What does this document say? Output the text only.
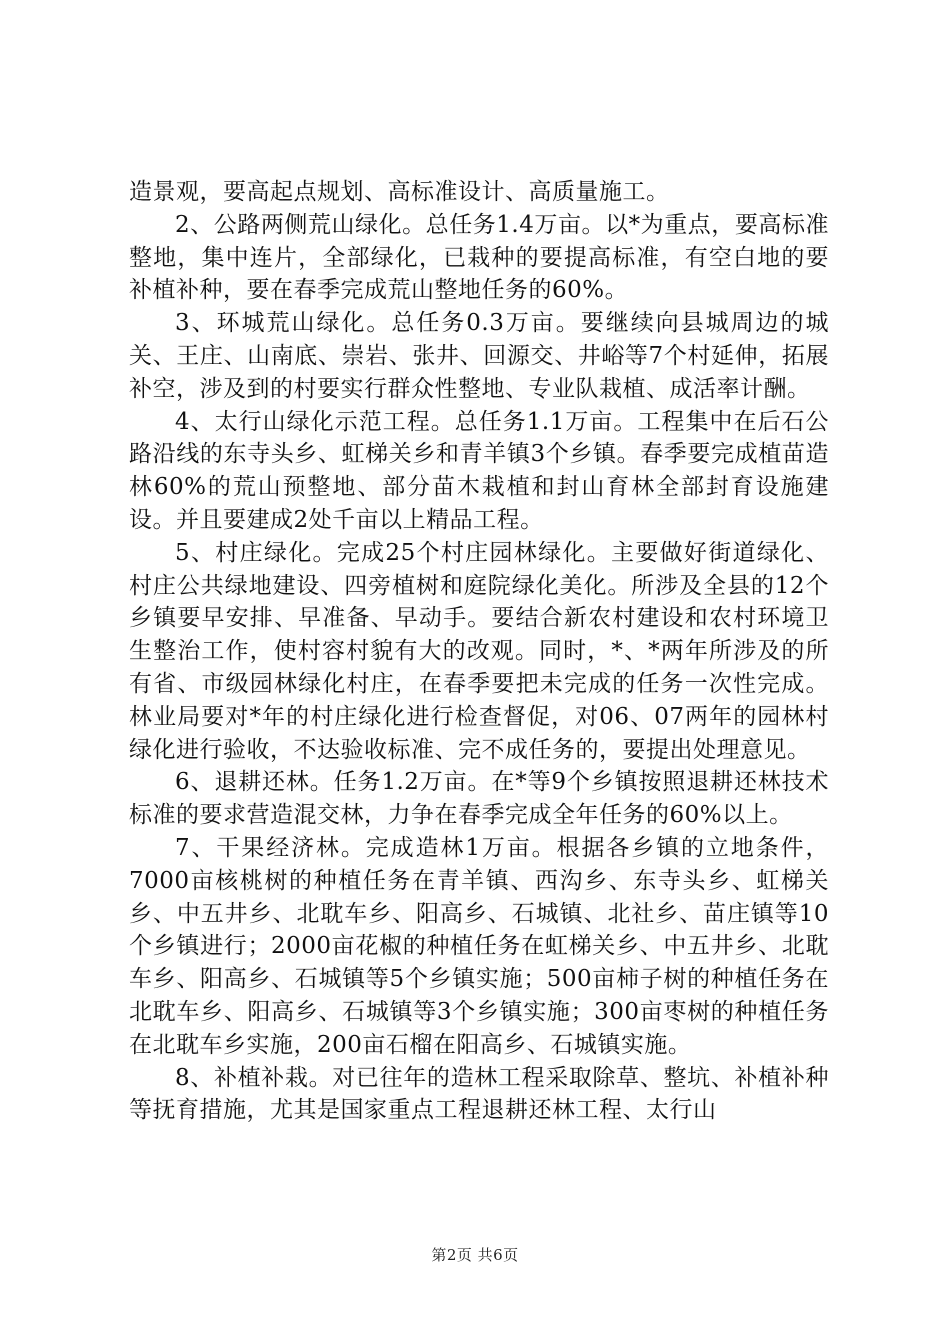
造景观，要高起点规划、高标准设计、高质量施工。

2、公路两侧荒山绿化。总任务1.4万亩。以*为重点，要高标准整地，集中连片，全部绿化，已栽种的要提高标准，有空白地的要补植补种，要在春季完成荒山整地任务的60%。

3、环城荒山绿化。总任务0.3万亩。要继续向县城周边的城关、王庄、山南底、崇岩、张井、回源交、井峪等7个村延伸，拓展补空，涉及到的村要实行群众性整地、专业队栽植、成活率计酬。

4、太行山绿化示范工程。总任务1.1万亩。工程集中在后石公路沿线的东寺头乡、虹梯关乡和青羊镇3个乡镇。春季要完成植苗造林60%的荒山预整地、部分苗木栽植和封山育林全部封育设施建设。并且要建成2处千亩以上精品工程。

5、村庄绿化。完成25个村庄园林绿化。主要做好街道绿化、村庄公共绿地建设、四旁植树和庭院绿化美化。所涉及全县的12个乡镇要早安排、早准备、早动手。要结合新农村建设和农村环境卫生整治工作，使村容村貌有大的改观。同时，*、*两年所涉及的所有省、市级园林绿化村庄，在春季要把未完成的任务一次性完成。林业局要对*年的村庄绿化进行检查督促，对06、07两年的园林村绿化进行验收，不达验收标准、完不成任务的，要提出处理意见。

6、退耕还林。任务1.2万亩。在*等9个乡镇按照退耕还林技术标准的要求营造混交林，力争在春季完成全年任务的60%以上。

7、干果经济林。完成造林1万亩。根据各乡镇的立地条件，7000亩核桃树的种植任务在青羊镇、西沟乡、东寺头乡、虹梯关乡、中五井乡、北耽车乡、阳高乡、石城镇、北社乡、苗庄镇等10个乡镇进行；2000亩花椒的种植任务在虹梯关乡、中五井乡、北耽车乡、阳高乡、石城镇等5个乡镇实施；500亩柿子树的种植任务在北耽车乡、阳高乡、石城镇等3个乡镇实施；300亩枣树的种植任务在北耽车乡实施，200亩石榴在阳高乡、石城镇实施。

8、补植补栽。对已往年的造林工程采取除草、整坑、补植补种等抚育措施，尤其是国家重点工程退耕还林工程、太行山

第2页 共6页
